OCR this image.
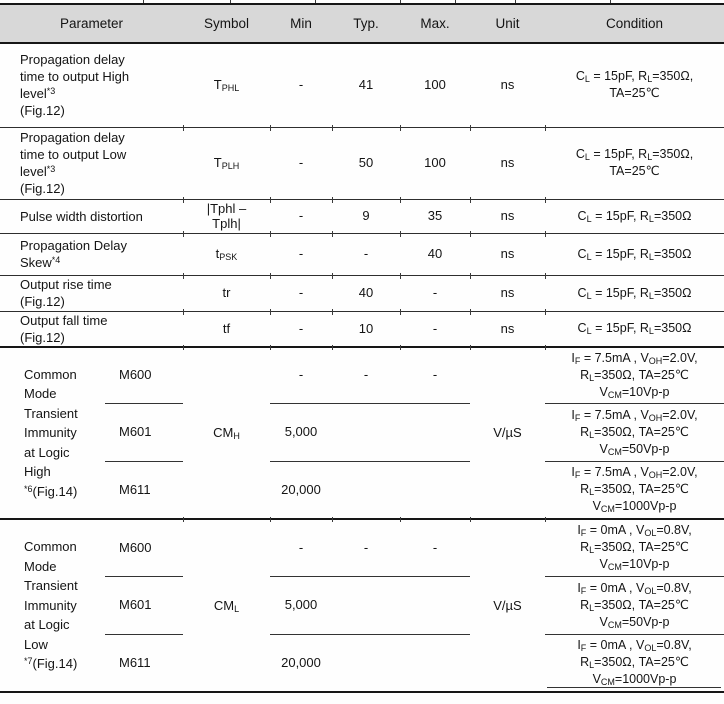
Parameter		Symbol	Min	Typ.	Max.	Unit	Condition
Propagation delay
time to output High
level$^{*3}$
(Fig.12)		$T_{PHL}$	-	41	100	ns	$C_L = 15pF$, $R_L=350\Omega$,
TA=25℃
Propagation delay
time to output Low
level$^{*3}$
(Fig.12)		$T_{PLH}$	-	50	100	ns	$C_L = 15pF$, $R_L=350\Omega$,
TA=25℃
Pulse width distortion		|Tphl –
Tplh|	-	9	35	ns	$C_L = 15pF$, $R_L=350\Omega$
Propagation Delay
Skew$^{*4}$		$t_{PSK}$	-	-	40	ns	$C_L = 15pF$, $R_L=350\Omega$
Output rise time
(Fig.12)		tr	-	40	-	ns	$C_L = 15pF$, $R_L=350\Omega$
Output fall time
(Fig.12)		tf	-	10	-	ns	$C_L = 15pF$, $R_L=350\Omega$
Common
Mode
Transient
Immunity
at Logic
High
$^{*6}$(Fig.14)	M600	$CM_H$	-	-	-	V/µS	$I_F = 7.5mA$ , $V_{OH}=2.0V$,
$R_L=350\Omega$, TA=25℃
$V_{CM}=10Vp-p$
	M601		5,000				$I_F = 7.5mA$ , $V_{OH}=2.0V$,
$R_L=350\Omega$, TA=25℃
$V_{CM}=50Vp-p$
	M611		20,000				$I_F = 7.5mA$ , $V_{OH}=2.0V$,
$R_L=350\Omega$, TA=25℃
$V_{CM}=1000Vp-p$
Common
Mode
Transient
Immunity
at Logic
Low
$^{*7}$(Fig.14)	M600	$CM_L$	-	-	-	V/µS	$I_F = 0mA$ , $V_{OL}=0.8V$,
$R_L=350\Omega$, TA=25℃
$V_{CM}=10Vp-p$
	M601		5,000				$I_F = 0mA$ , $V_{OL}=0.8V$,
$R_L=350\Omega$, TA=25℃
$V_{CM}=50Vp-p$
	M611		20,000				$I_F = 0mA$ , $V_{OL}=0.8V$,
$R_L=350\Omega$, TA=25℃
$V_{CM}=1000Vp-p$
